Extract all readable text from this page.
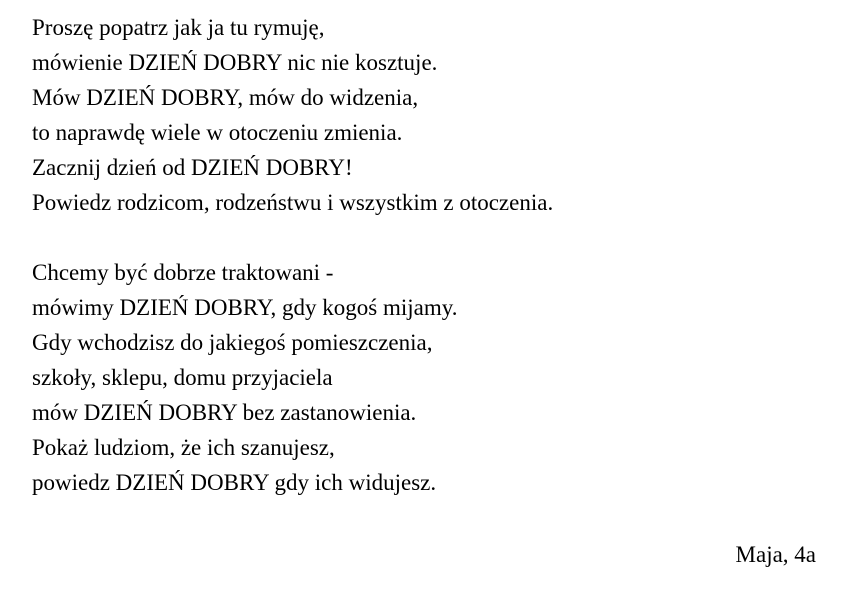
Proszę popatrz jak ja tu rymuję,
mówienie DZIEŃ DOBRY nic nie kosztuje.
Mów DZIEŃ DOBRY, mów do widzenia,
to naprawdę wiele w otoczeniu zmienia.
Zacznij dzień od DZIEŃ DOBRY!
Powiedz rodzicom, rodzeństwu i wszystkim z otoczenia.
Chcemy być dobrze traktowani -
mówimy DZIEŃ DOBRY, gdy kogoś mijamy.
Gdy wchodzisz do jakiegoś pomieszczenia,
szkoły, sklepu, domu przyjaciela
mów DZIEŃ DOBRY bez zastanowienia.
Pokaż ludziom, że ich szanujesz,
powiedz DZIEŃ DOBRY gdy ich widujesz.
Maja, 4a
